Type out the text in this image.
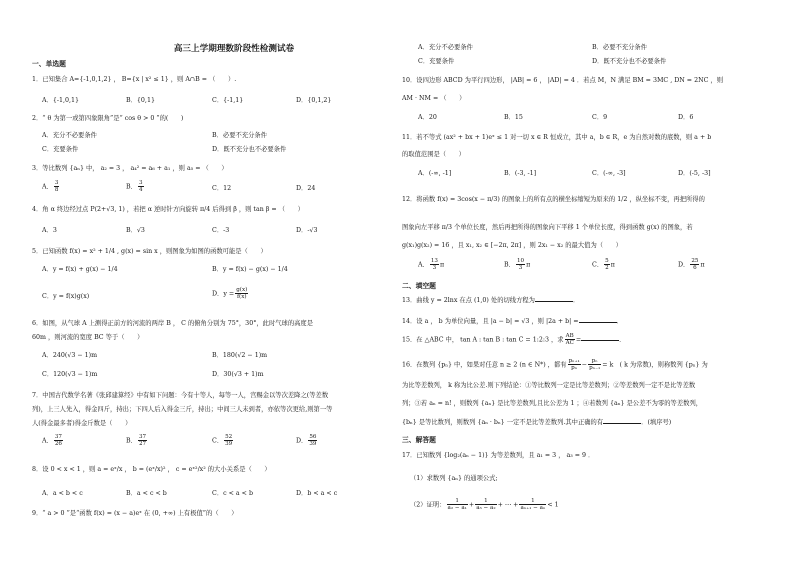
高三上学期理数阶段性检测试卷
一、单选题
1．已知集合 A={-1,0,1,2} ， B={x | x² ≤ 1} ，则 A∩B = （　　）.
A．{-1,0,1}	B．{0,1}	C．{-1,1}	D．{0,1,2}
2．“ θ 为第一或第四象限角”是“ cos θ > 0 ”的(　　)
A．充分不必要条件	B．必要不充分条件
C．充要条件	D．既不充分也不必要条件
3．等比数列 {aₙ} 中， a₂ = 3 ， a₄² = a₆ + a₁ ，则 a₅ = （　　）
A． $\frac{3}{8}$	B． $\frac{3}{4}$	C．12	D．24
4．角 α 终边经过点 P(2+√3, 1) ，若把 α 逆时针方向旋转 π/4 后得到 β ，则 tan β = （　　）
A．3	B．√3	C．-3	D．-√3
5．已知函数 f(x) = x² + 1/4 , g(x) = sin x ，则图象为如图的函数可能是（　　）
A．y = f(x) + g(x) − 1/4	B．y = f(x) − g(x) − 1/4
C．y = f(x)g(x)	D．$y = \frac{g(x)}{f(x)}$
6．如图，从气球 A 上测得正前方的河流的两岸 B ， C 的俯角分别为 75°，30°，此时气球的高度是
60m ，则河流的宽度 BC 等于（　　）
A．240(√3 − 1)m	B．180(√2 − 1)m
C．120(√3 − 1)m	D．30(√3 + 1)m
7．中国古代数学名著《张邱建算经》中有如下问题：今有十等人，每等一人，宫赐金以等次差降之(等差数
列)，上三人先入，得金四斤，持出；下四人后入得金三斤，持出；中间三人未到者，亦依等次更给,则第一等
人(得金最多者)得金斤数是（　　）
A． $\frac{37}{26}$	B． $\frac{37}{27}$	C． $\frac{52}{39}$	D． $\frac{56}{39}$
8．设 0 < x < 1 ，则 a = eˣ/x ， b = (eˣ/x)² ， c = eˣ²/x² 的大小关系是（　　）
A．a < b < c	B．a < c < b	C．c < a < b	D．b < a < c
9．“ a > 0 ”是“函数 f(x) = (x − a)eˣ 在 (0, +∞) 上有极值”的（　　）
A．充分不必要条件	B．必要不充分条件
C．充要条件	D．既不充分也不必要条件
10．设四边形 ABCD 为平行四边形， |AB| = 6 ， |AD| = 4 ．若点 M，N 满足 BM = 3MC , DN = 2NC ，则
AM · NM = （　　）
A．20	B．15	C．9	D．6
11．若不等式 (ax² + bx + 1)eˣ ≤ 1 对一切 x ∈ R 恒成立，其中 a，b ∈ R，e 为自然对数的底数，则 a + b
的取值范围是（　　）
A．(-∞, -1]	B．(-3, -1]	C．(-∞, -3]	D．(-5, -3]
12．将函数 f(x) = 3cos(x − π/3) 的图象上的所有点的横坐标缩短为原来的 1/2 ，纵坐标不变，再把所得的
图象向左平移 π/3 个单位长度，然后再把所得的图象向下平移 1 个单位长度，得到函数 g(x) 的图象，若
g(x₁)g(x₂) = 16 ，且 x₁, x₂ ∈ [−2π, 2π] ，则 2x₁ − x₂ 的最大值为（　　）
A． $\frac{13}{3}$ π	B． $\frac{10}{3}$ π	C． $\frac{5}{2}$ π	D． $\frac{25}{6}$ π
二、填空题
13．曲线 y = 2lnx 在点 (1,0) 处的切线方程为	．
14．设 a ， b 为单位向量，且 |a − b| = √3 ，则 |2a + b| =	．
15．在 △ABC 中， tan A : tan B : tan C = 1:2:3 ，求 $\frac{AB}{AC}$ =	．
16．在数列 {pₙ} 中，如果对任意 n ≥ 2 (n ∈ N*) ，都有 $\frac{\text{pₙ₊₁}}{\text{pₙ}} - \frac{\text{pₙ}}{\text{pₙ₋₁}} = k$　( k 为常数)，则称数列 {pₙ} 为
为比等差数列， k 称为比公差.则下列结论：①等比数列一定是比等差数列；②等差数列一定不是比等差数
列；③若 aₙ = n! ，则数列 {aₙ} 是比等差数列,且比公差为 1 ；④若数列 {aₙ} 是公差不为零的等差数列，
{bₙ} 是等比数列，则数列 {aₙ · bₙ} 一定不是比等差数列.其中正确的有	．(填序号)
三、解答题
17．已知数列 {log₂(aₙ − 1)} 为等差数列，且 a₁ = 3 ， a₃ = 9 ．
（1）求数列 {aₙ} 的通项公式;
（2）证明： $\frac{1}{\text{a₂ − a₁}} + \frac{1}{\text{a₃ − a₂}}$ + ⋯ + $\frac{1}{\text{aₙ₊₁ − aₙ}} < 1$
